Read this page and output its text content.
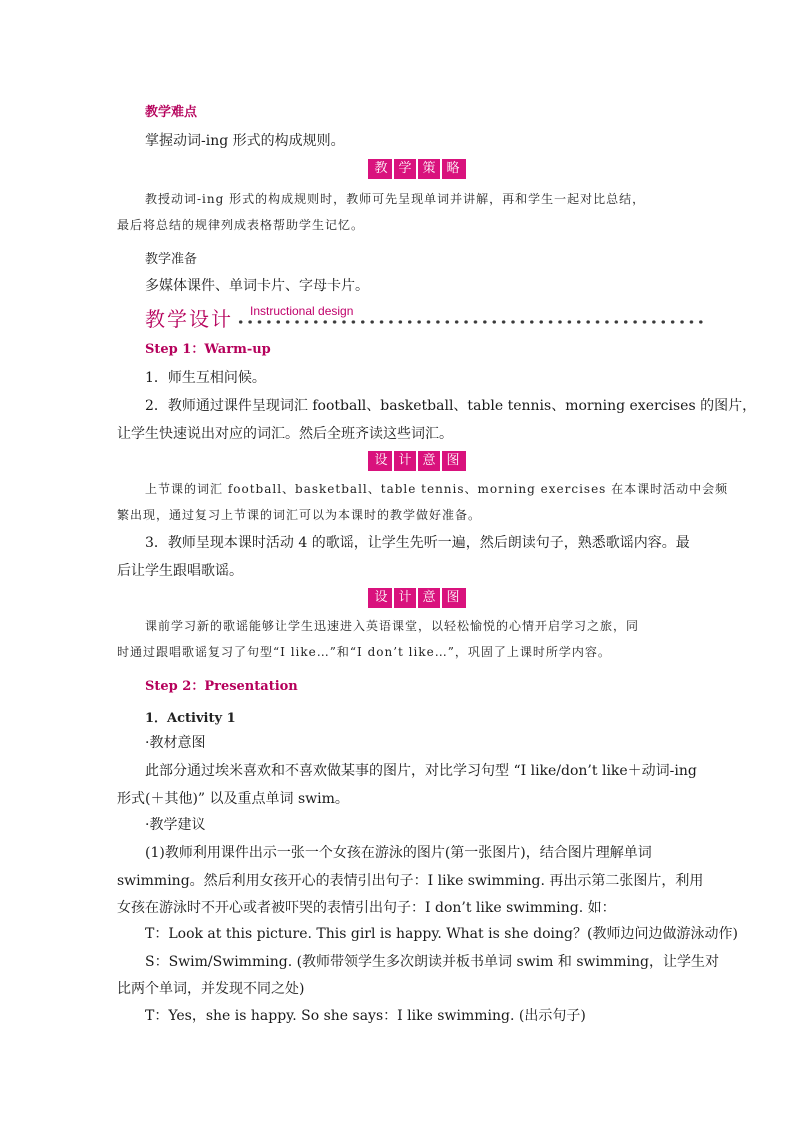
教学难点
掌握动词-ing 形式的构成规则。
教 学 策 略
教授动词-ing 形式的构成规则时，教师可先呈现单词并讲解，再和学生一起对比总结，
最后将总结的规律列成表格帮助学生记忆。
教学准备
多媒体课件、单词卡片、字母卡片。
教学设计 Instructional design
Step 1：Warm-up
1．师生互相问候。
2．教师通过课件呈现词汇 football、basketball、table tennis、morning exercises 的图片，
让学生快速说出对应的词汇。然后全班齐读这些词汇。
设 计 意 图
上节课的词汇 football、basketball、table tennis、morning exercises 在本课时活动中会频
繁出现，通过复习上节课的词汇可以为本课时的教学做好准备。
3．教师呈现本课时活动 4 的歌谣，让学生先听一遍，然后朗读句子，熟悉歌谣内容。最
后让学生跟唱歌谣。
设 计 意 图
课前学习新的歌谣能够让学生迅速进入英语课堂，以轻松愉悦的心情开启学习之旅，同
时通过跟唱歌谣复习了句型“I like…”和“I don’t like…”，巩固了上课时所学内容。
Step 2：Presentation
1．Activity 1
·教材意图
此部分通过埃米喜欢和不喜欢做某事的图片，对比学习句型 “I like/don’t like＋动词-ing
形式(＋其他)” 以及重点单词 swim。
·教学建议
(1)教师利用课件出示一张一个女孩在游泳的图片(第一张图片)，结合图片理解单词
swimming。然后利用女孩开心的表情引出句子：I like swimming. 再出示第二张图片，利用
女孩在游泳时不开心或者被吓哭的表情引出句子：I don’t like swimming. 如：
T：Look at this picture. This girl is happy. What is she doing？(教师边问边做游泳动作)
S：Swim/Swimming. (教师带领学生多次朗读并板书单词 swim 和 swimming，让学生对
比两个单词，并发现不同之处)
T：Yes，she is happy. So she says：I like swimming. (出示句子)
